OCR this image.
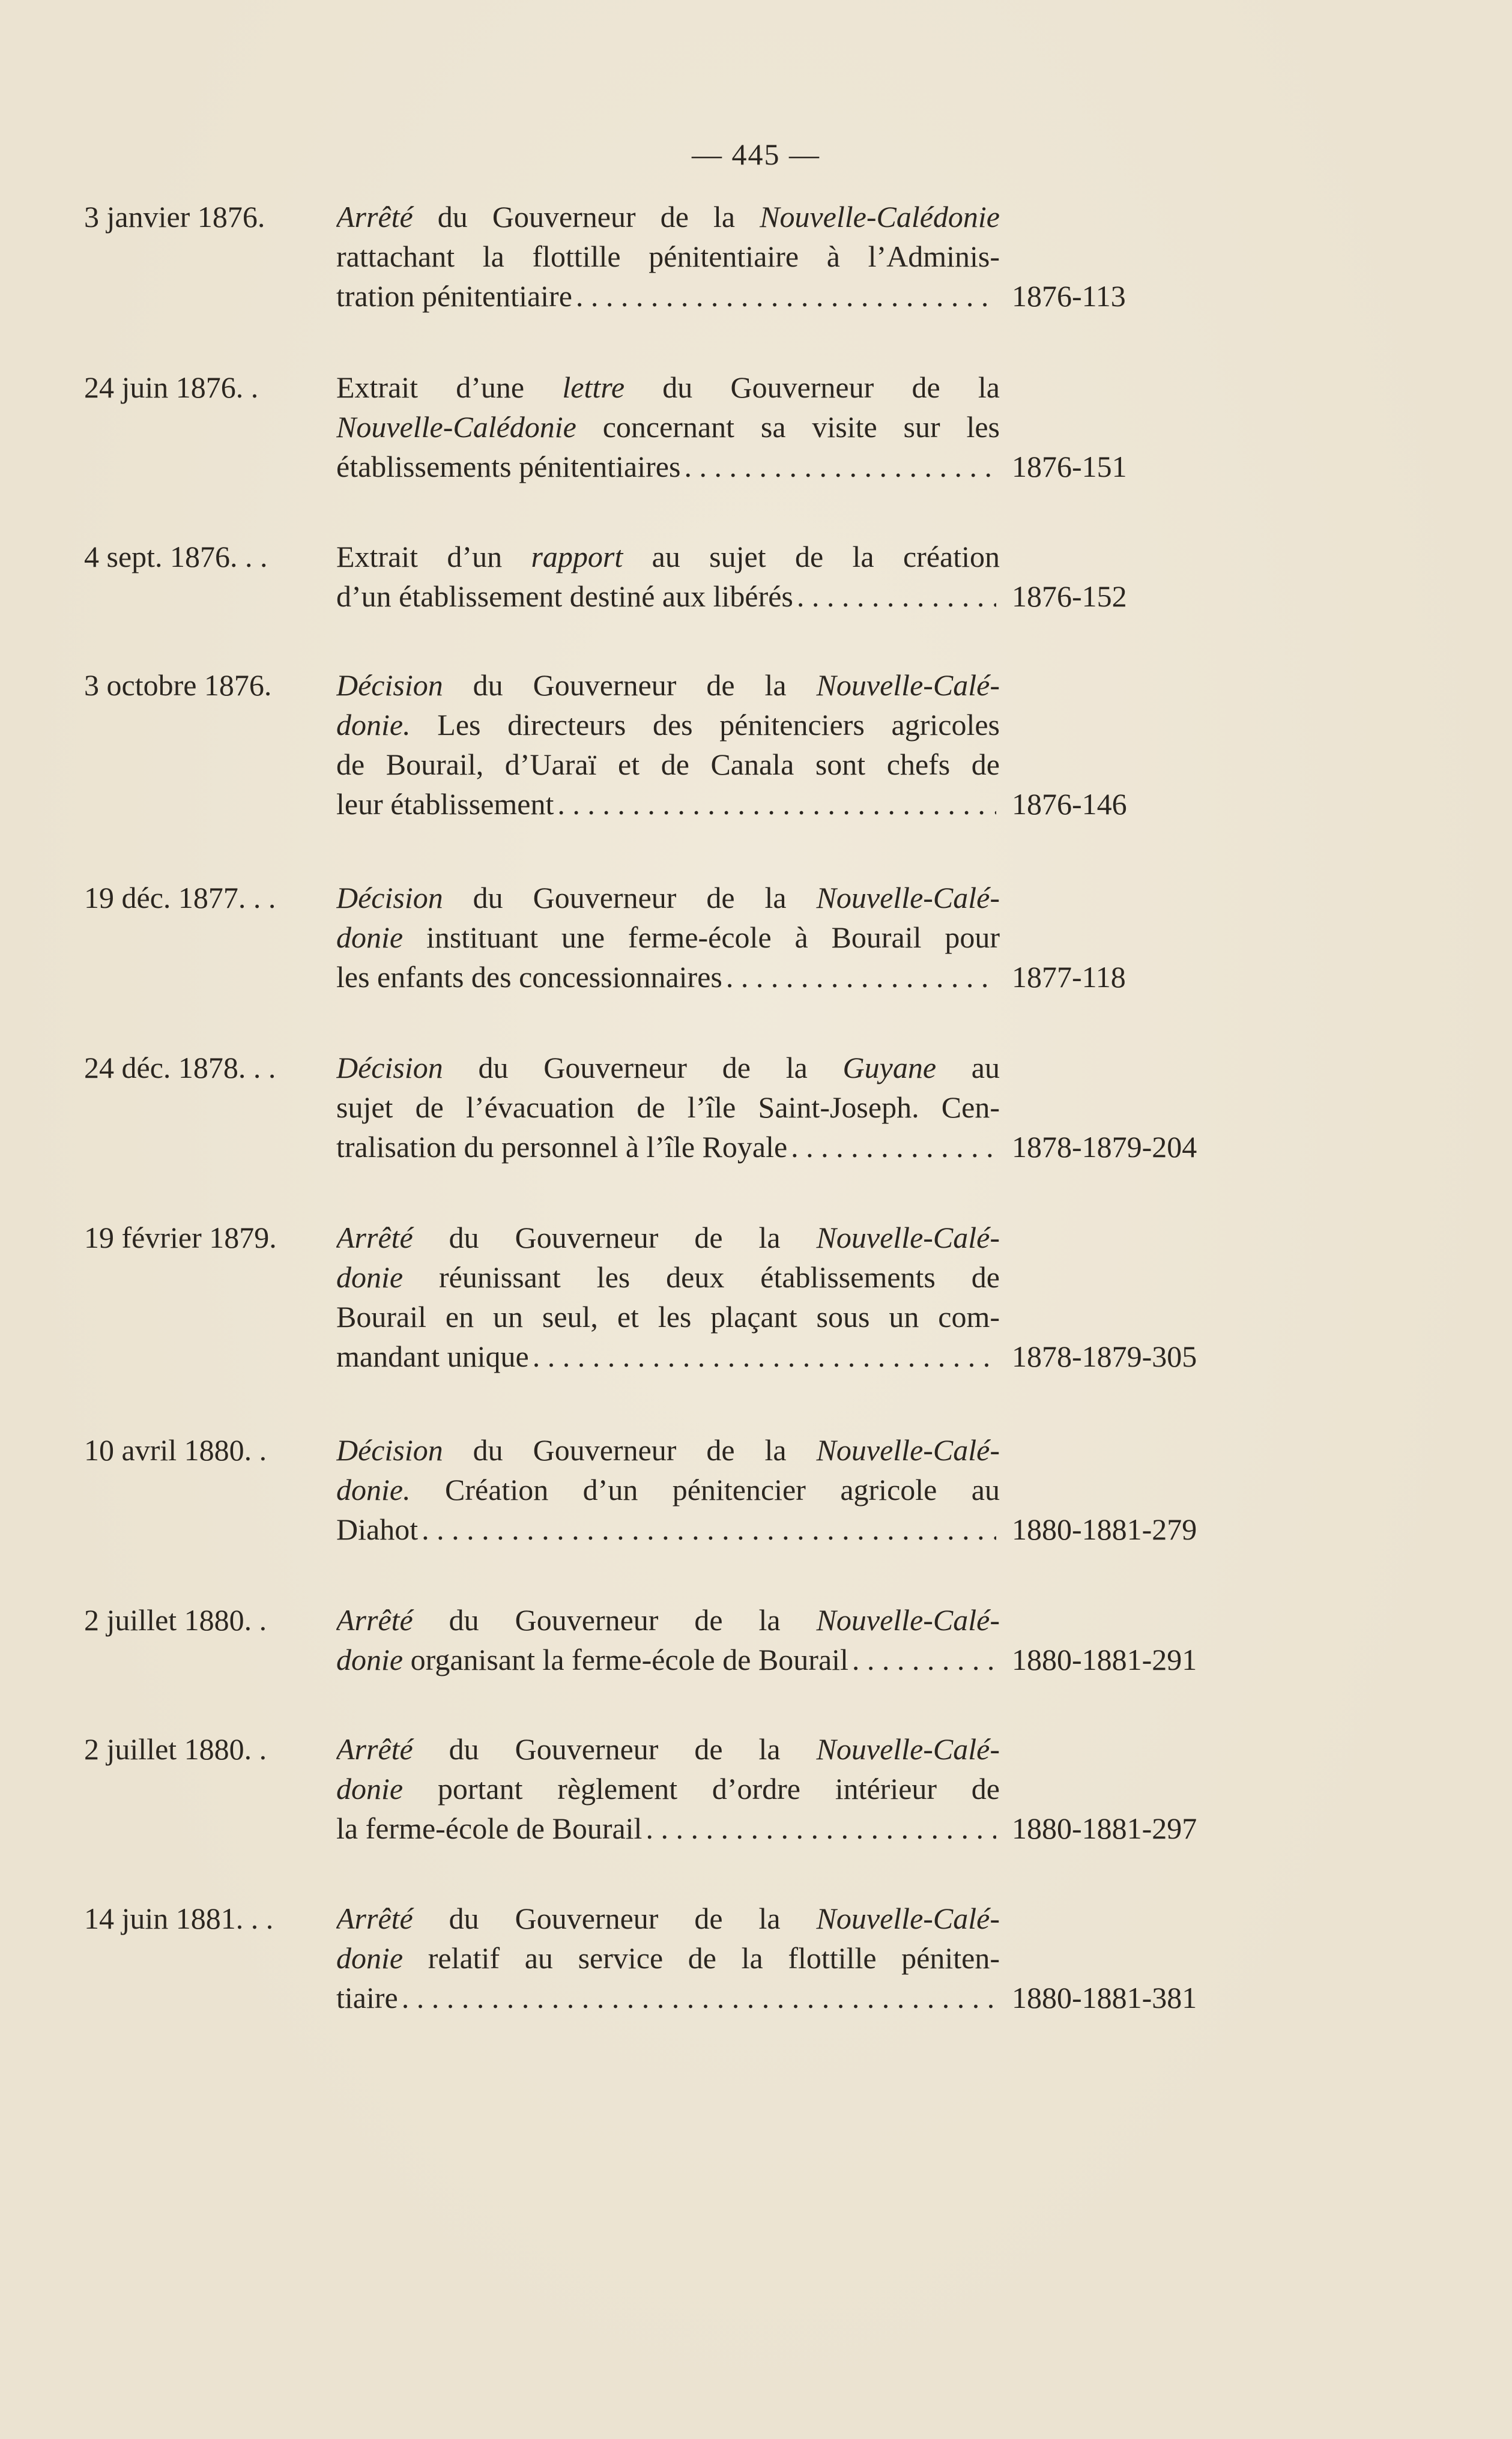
— 445 —
3 janvier 1876. Arrêté du Gouverneur de la Nouvelle-Calédonie
rattachant la flottille pénitentiaire à l’Adminis-
tration pénitentiaire . . .	1876-113
24 juin 1876. .	Extrait d’une lettre du Gouverneur de la
Nouvelle-Calédonie concernant sa visite sur les
établissements pénitentiaires . . .	1876-151
4 sept. 1876. . . Extrait d’un rapport au sujet de la création
d’un établissement destiné aux libérés . . .	1876-152
3 octobre 1876. Décision du Gouverneur de la Nouvelle-Calé-
donie. Les directeurs des pénitenciers agricoles
de Bourail, d’Uaraï et de Canala sont chefs de
leur établissement . . .	1876-146
19 déc. 1877. . . Décision du Gouverneur de la Nouvelle-Calé-
donie instituant une ferme-école à Bourail pour
les enfants des concessionnaires . . .	1877-118
24 déc. 1878. . . Décision du Gouverneur de la Guyane au
sujet de l’évacuation de l’île Saint-Joseph. Cen-
tralisation du personnel à l’île Royale . . .	1878-1879-204
19 février 1879. Arrêté du Gouverneur de la Nouvelle-Calé-
donie réunissant les deux établissements de
Bourail en un seul, et les plaçant sous un com-
mandant unique . . .	1878-1879-305
10 avril 1880. . Décision du Gouverneur de la Nouvelle-Calé-
donie. Création d’un pénitencier agricole au
Diahot . . .	1880-1881-279
2 juillet 1880. . Arrêté du Gouverneur de la Nouvelle-Calé-
donie organisant la ferme-école de Bourail . . .	1880-1881-291
2 juillet 1880. . Arrêté du Gouverneur de la Nouvelle-Calé-
donie portant règlement d’ordre intérieur de
la ferme-école de Bourail . . .	1880-1881-297
14 juin 1881. . . Arrêté du Gouverneur de la Nouvelle-Calé-
donie relatif au service de la flottille péniten-
tiaire . . .	1880-1881-381
